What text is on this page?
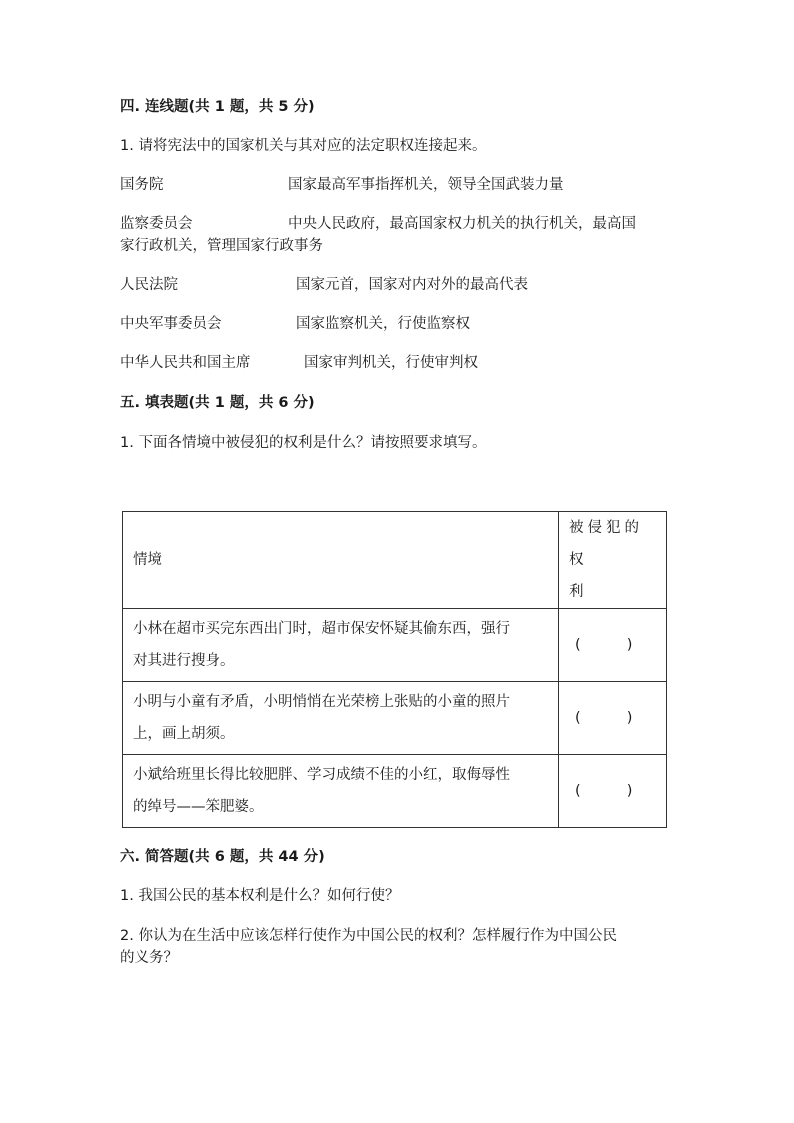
四. 连线题(共 1 题，共 5 分)
1. 请将宪法中的国家机关与其对应的法定职权连接起来。
国务院	国家最高军事指挥机关，领导全国武装力量
监察委员会	中央人民政府，最高国家权力机关的执行机关，最高国
家行政机关，管理国家行政事务
人民法院	国家元首，国家对内对外的最高代表
中央军事委员会	国家监察机关，行使监察权
中华人民共和国主席	国家审判机关，行使审判权
五. 填表题(共 1 题，共 6 分)
1. 下面各情境中被侵犯的权利是什么？请按照要求填写。
情境	被侵犯的权
利

小林在超市买完东西出门时，超市保安怀疑其偷东西，强行
对其进行搜身。	(          )

小明与小童有矛盾，小明悄悄在光荣榜上张贴的小童的照片
上，画上胡须。	(          )

小斌给班里长得比较肥胖、学习成绩不佳的小红，取侮辱性
的绰号——笨肥婆。	(          )
六. 简答题(共 6 题，共 44 分)
1. 我国公民的基本权利是什么？如何行使？
2. 你认为在生活中应该怎样行使作为中国公民的权利？怎样履行作为中国公民
的义务？
